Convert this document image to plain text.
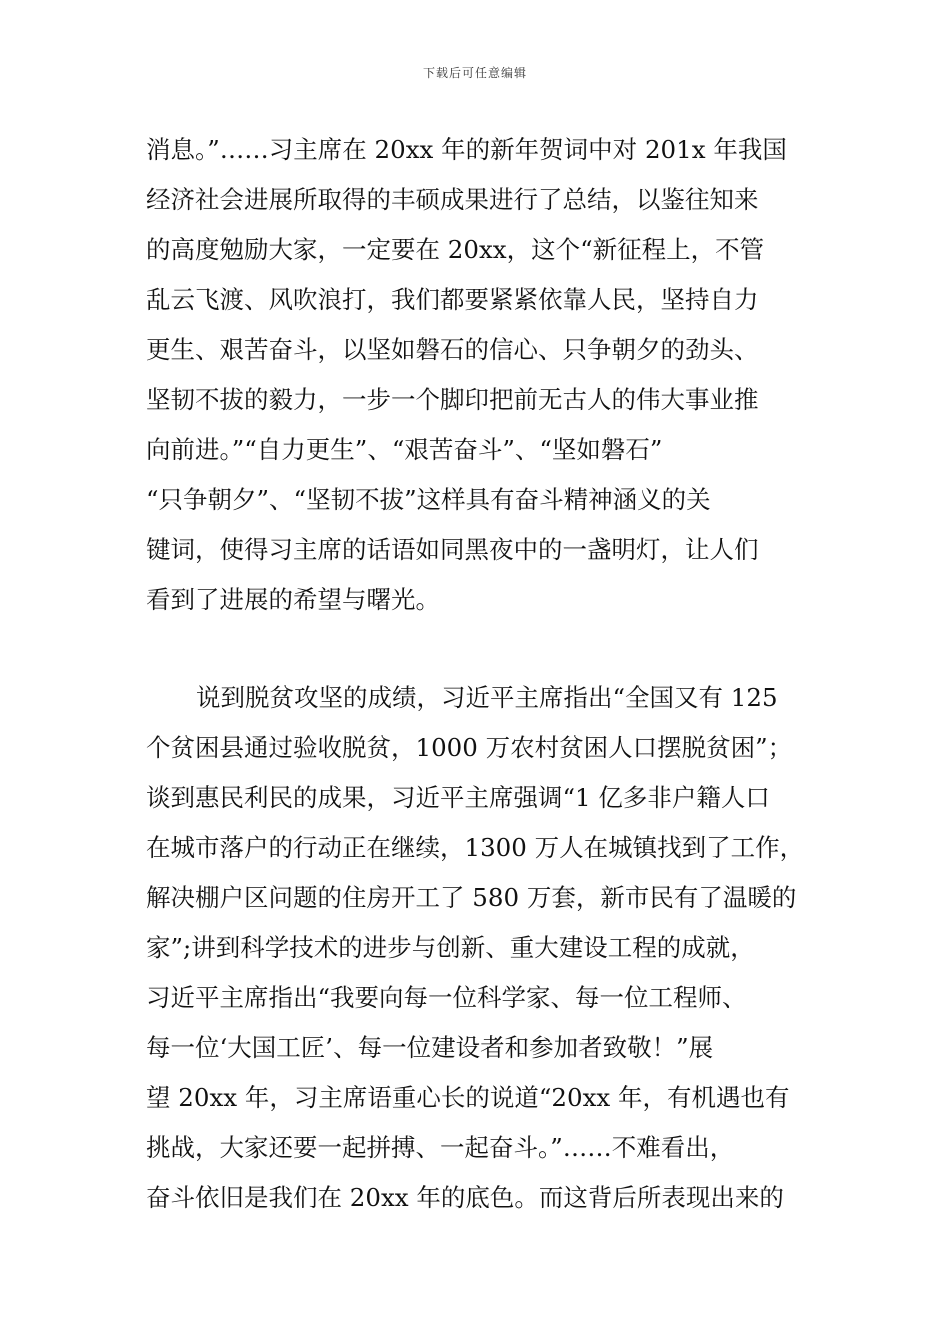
下载后可任意编辑
消息。”……习主席在 20xx 年的新年贺词中对 201x 年我国
经济社会进展所取得的丰硕成果进行了总结，以鉴往知来
的高度勉励大家，一定要在 20xx，这个“新征程上，不管
乱云飞渡、风吹浪打，我们都要紧紧依靠人民，坚持自力
更生、艰苦奋斗，以坚如磐石的信心、只争朝夕的劲头、
坚韧不拔的毅力，一步一个脚印把前无古人的伟大事业推
向前进。”“自力更生”、“艰苦奋斗”、“坚如磐石”
“只争朝夕”、“坚韧不拔”这样具有奋斗精神涵义的关
键词，使得习主席的话语如同黑夜中的一盏明灯，让人们
看到了进展的希望与曙光。
说到脱贫攻坚的成绩，习近平主席指出“全国又有 125
个贫困县通过验收脱贫，1000 万农村贫困人口摆脱贫困”；
谈到惠民利民的成果，习近平主席强调“1 亿多非户籍人口
在城市落户的行动正在继续，1300 万人在城镇找到了工作，
解决棚户区问题的住房开工了 580 万套，新市民有了温暖的
家”;讲到科学技术的进步与创新、重大建设工程的成就，
习近平主席指出“我要向每一位科学家、每一位工程师、
每一位‘大国工匠’、每一位建设者和参加者致敬！”展
望 20xx 年，习主席语重心长的说道“20xx 年，有机遇也有
挑战，大家还要一起拼搏、一起奋斗。”……不难看出，
奋斗依旧是我们在 20xx 年的底色。而这背后所表现出来的
